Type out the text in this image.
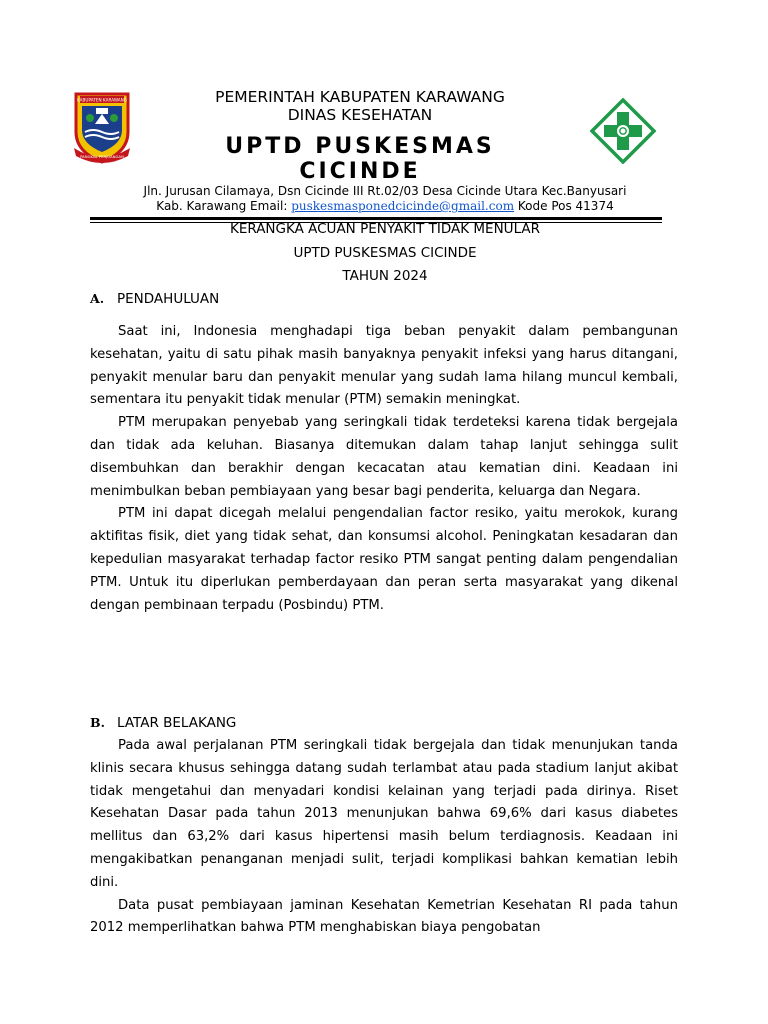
KABUPATEN KARAWANG
PANGKAL PERJUANGAN
PEMERINTAH KABUPATEN KARAWANG
DINAS KESEHATAN
UPTD PUSKESMAS CICINDE
Jln. Jurusan Cilamaya, Dsn Cicinde III Rt.02/03 Desa Cicinde Utara Kec.Banyusari
Kab. Karawang Email: puskesmasponedcicinde@gmail.com Kode Pos 41374
KERANGKA ACUAN PENYAKIT TIDAK MENULAR
UPTD PUSKESMAS CICINDE
TAHUN 2024
A. PENDAHULUAN

Saat ini, Indonesia menghadapi tiga beban penyakit dalam pembangunan kesehatan, yaitu di satu pihak masih banyaknya penyakit infeksi yang harus ditangani, penyakit menular baru dan penyakit menular yang sudah lama hilang muncul kembali, sementara itu penyakit tidak menular (PTM) semakin meningkat.

PTM merupakan penyebab yang seringkali tidak terdeteksi karena tidak bergejala dan tidak ada keluhan. Biasanya ditemukan dalam tahap lanjut sehingga sulit disembuhkan dan berakhir dengan kecacatan atau kematian dini. Keadaan ini menimbulkan beban pembiayaan yang besar bagi penderita, keluarga dan Negara.

PTM ini dapat dicegah melalui pengendalian factor resiko, yaitu merokok, kurang aktifitas fisik, diet yang tidak sehat, dan konsumsi alcohol. Peningkatan kesadaran dan kepedulian masyarakat terhadap factor resiko PTM sangat penting dalam pengendalian PTM. Untuk itu diperlukan pemberdayaan dan peran serta masyarakat yang dikenal dengan pembinaan terpadu (Posbindu) PTM.

B. LATAR BELAKANG

Pada awal perjalanan PTM seringkali tidak bergejala dan tidak menunjukan tanda klinis secara khusus sehingga datang sudah terlambat atau pada stadium lanjut akibat tidak mengetahui dan menyadari kondisi kelainan yang terjadi pada dirinya. Riset Kesehatan Dasar pada tahun 2013 menunjukan bahwa 69,6% dari kasus diabetes mellitus dan 63,2% dari kasus hipertensi masih belum terdiagnosis. Keadaan ini mengakibatkan penanganan menjadi sulit, terjadi komplikasi bahkan kematian lebih dini.

Data pusat pembiayaan jaminan Kesehatan Kemetrian Kesehatan RI pada tahun 2012 memperlihatkan bahwa PTM menghabiskan biaya pengobatan
